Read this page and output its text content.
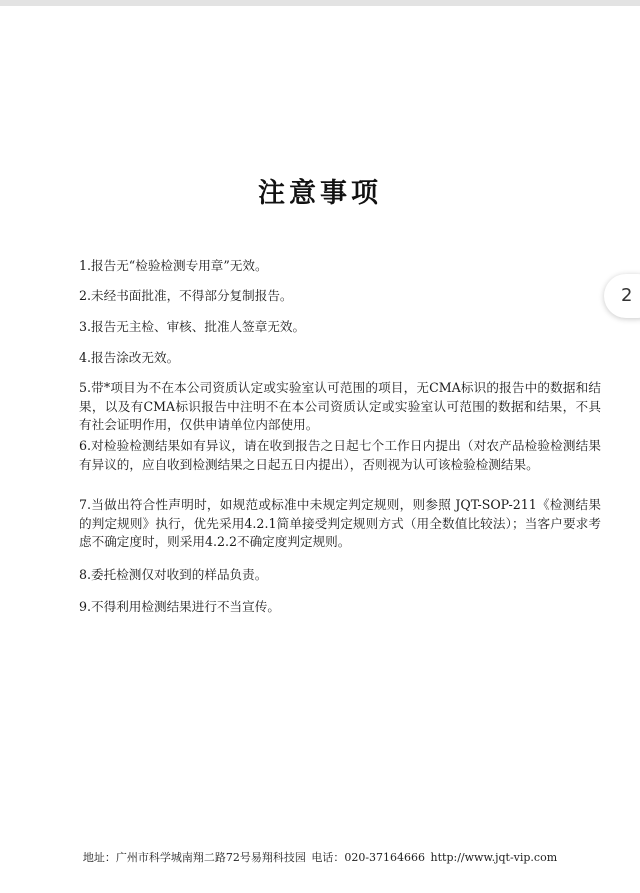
注意事项
1.报告无“检验检测专用章”无效。
2.未经书面批准，不得部分复制报告。
3.报告无主检、审核、批准人签章无效。
4.报告涂改无效。
5.带*项目为不在本公司资质认定或实验室认可范围的项目，无CMA标识的报告中的数据和结果，以及有CMA标识报告中注明不在本公司资质认定或实验室认可范围的数据和结果，不具有社会证明作用，仅供申请单位内部使用。
6.对检验检测结果如有异议，请在收到报告之日起七个工作日内提出（对农产品检验检测结果有异议的，应自收到检测结果之日起五日内提出），否则视为认可该检验检测结果。
7.当做出符合性声明时，如规范或标准中未规定判定规则，则参照 JQT-SOP-211《检测结果的判定规则》执行，优先采用4.2.1简单接受判定规则方式（用全数值比较法）；当客户要求考虑不确定度时，则采用4.2.2不确定度判定规则。
8.委托检测仅对收到的样品负责。
9.不得利用检测结果进行不当宣传。
地址：广州市科学城南翔二路72号易翔科技园 电话：020-37164666 http://www.jqt-vip.com
2
